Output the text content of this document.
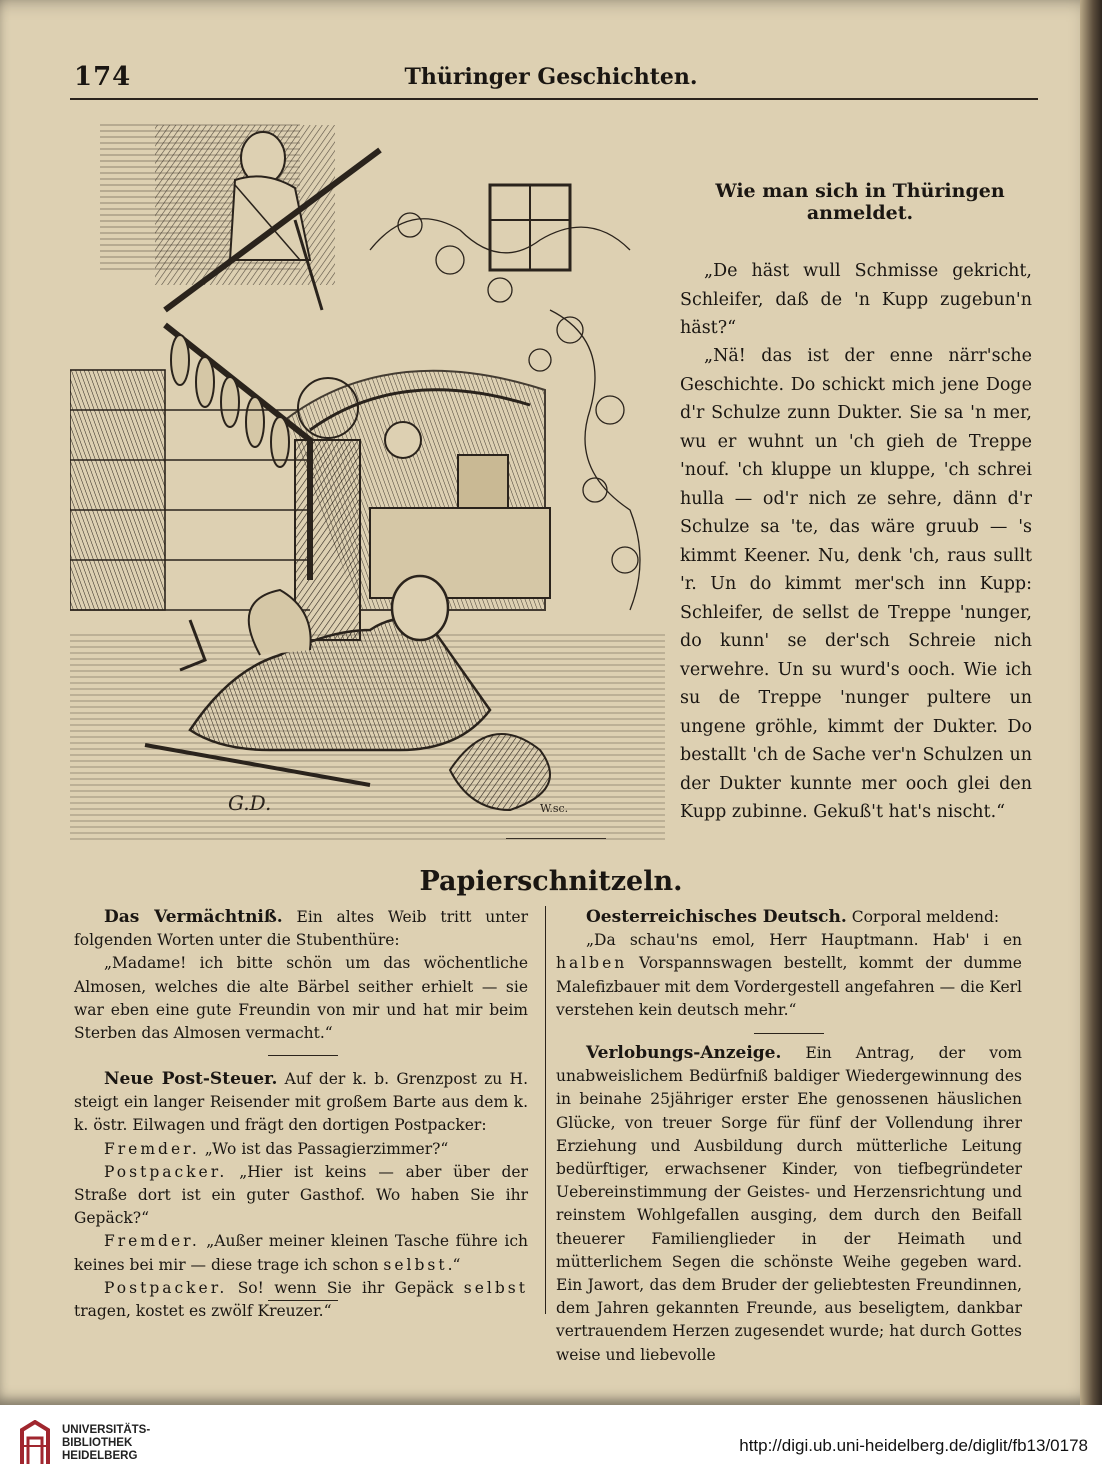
174	Thüringer Geschichten.
G.D.	W.sc.
Wie man sich in Thüringen anmeldet.
„De häst wull Schmisse gekricht, Schleifer, daß de 'n Kupp zugebun'n häst?“
„Nä! das ist der enne närr'sche Geschichte. Do schickt mich jene Doge d'r Schulze zunn Dukter. Sie sa 'n mer, wu er wuhnt un 'ch gieh de Treppe 'nouf. 'ch kluppe un kluppe, 'ch schrei hulla — od'r nich ze sehre, dänn d'r Schulze sa 'te, das wäre gruub — 's kimmt Keener. Nu, denk 'ch, raus sullt 'r. Un do kimmt mer'sch inn Kupp: Schleifer, de sellst de Treppe 'nunger, do kunn' se der'sch Schreie nich verwehre. Un su wurd's ooch. Wie ich su de Treppe 'nunger pultere un ungene gröhle, kimmt der Dukter. Do bestallt 'ch de Sache ver'n Schulzen un der Dukter kunnte mer ooch glei den Kupp zubinne. Gekuß't hat's nischt.“
Papierschnitzeln.
Das Vermächtniß. Ein altes Weib tritt unter folgenden Worten unter die Stubenthüre:
„Madame! ich bitte schön um das wöchentliche Almosen, welches die alte Bärbel seither erhielt — sie war eben eine gute Freundin von mir und hat mir beim Sterben das Almosen vermacht.“
Neue Post-Steuer. Auf der k. b. Grenzpost zu H. steigt ein langer Reisender mit großem Barte aus dem k. k. östr. Eilwagen und frägt den dortigen Postpacker:
Fremder. „Wo ist das Passagierzimmer?“
Postpacker. „Hier ist keins — aber über der Straße dort ist ein guter Gasthof. Wo haben Sie ihr Gepäck?“
Fremder. „Außer meiner kleinen Tasche führe ich keines bei mir — diese trage ich schon selbst.“
Postpacker. So! wenn Sie ihr Gepäck selbst tragen, kostet es zwölf Kreuzer.“
Oesterreichisches Deutsch. Corporal meldend:
„Da schau'ns emol, Herr Hauptmann. Hab' i en halben Vorspannswagen bestellt, kommt der dumme Malefizbauer mit dem Vordergestell angefahren — die Kerl verstehen kein deutsch mehr.“
Verlobungs-Anzeige. Ein Antrag, der vom unabweislichem Bedürfniß baldiger Wiedergewinnung des in beinahe 25jähriger erster Ehe genossenen häuslichen Glücke, von treuer Sorge für fünf der Vollendung ihrer Erziehung und Ausbildung durch mütterliche Leitung bedürftiger, erwachsener Kinder, von tiefbegründeter Uebereinstimmung der Geistes- und Herzensrichtung und reinstem Wohlgefallen ausging, dem durch den Beifall theuerer Familienglieder in der Heimath und mütterlichem Segen die schönste Weihe gegeben ward. Ein Jawort, das dem Bruder der geliebtesten Freundinnen, dem Jahren gekannten Freunde, aus beseligtem, dankbar vertrauendem Herzen zugesendet wurde; hat durch Gottes weise und liebevolle
UNIVERSITÄTS-
BIBLIOTHEK
HEIDELBERG
http://digi.ub.uni-heidelberg.de/diglit/fb13/0178
